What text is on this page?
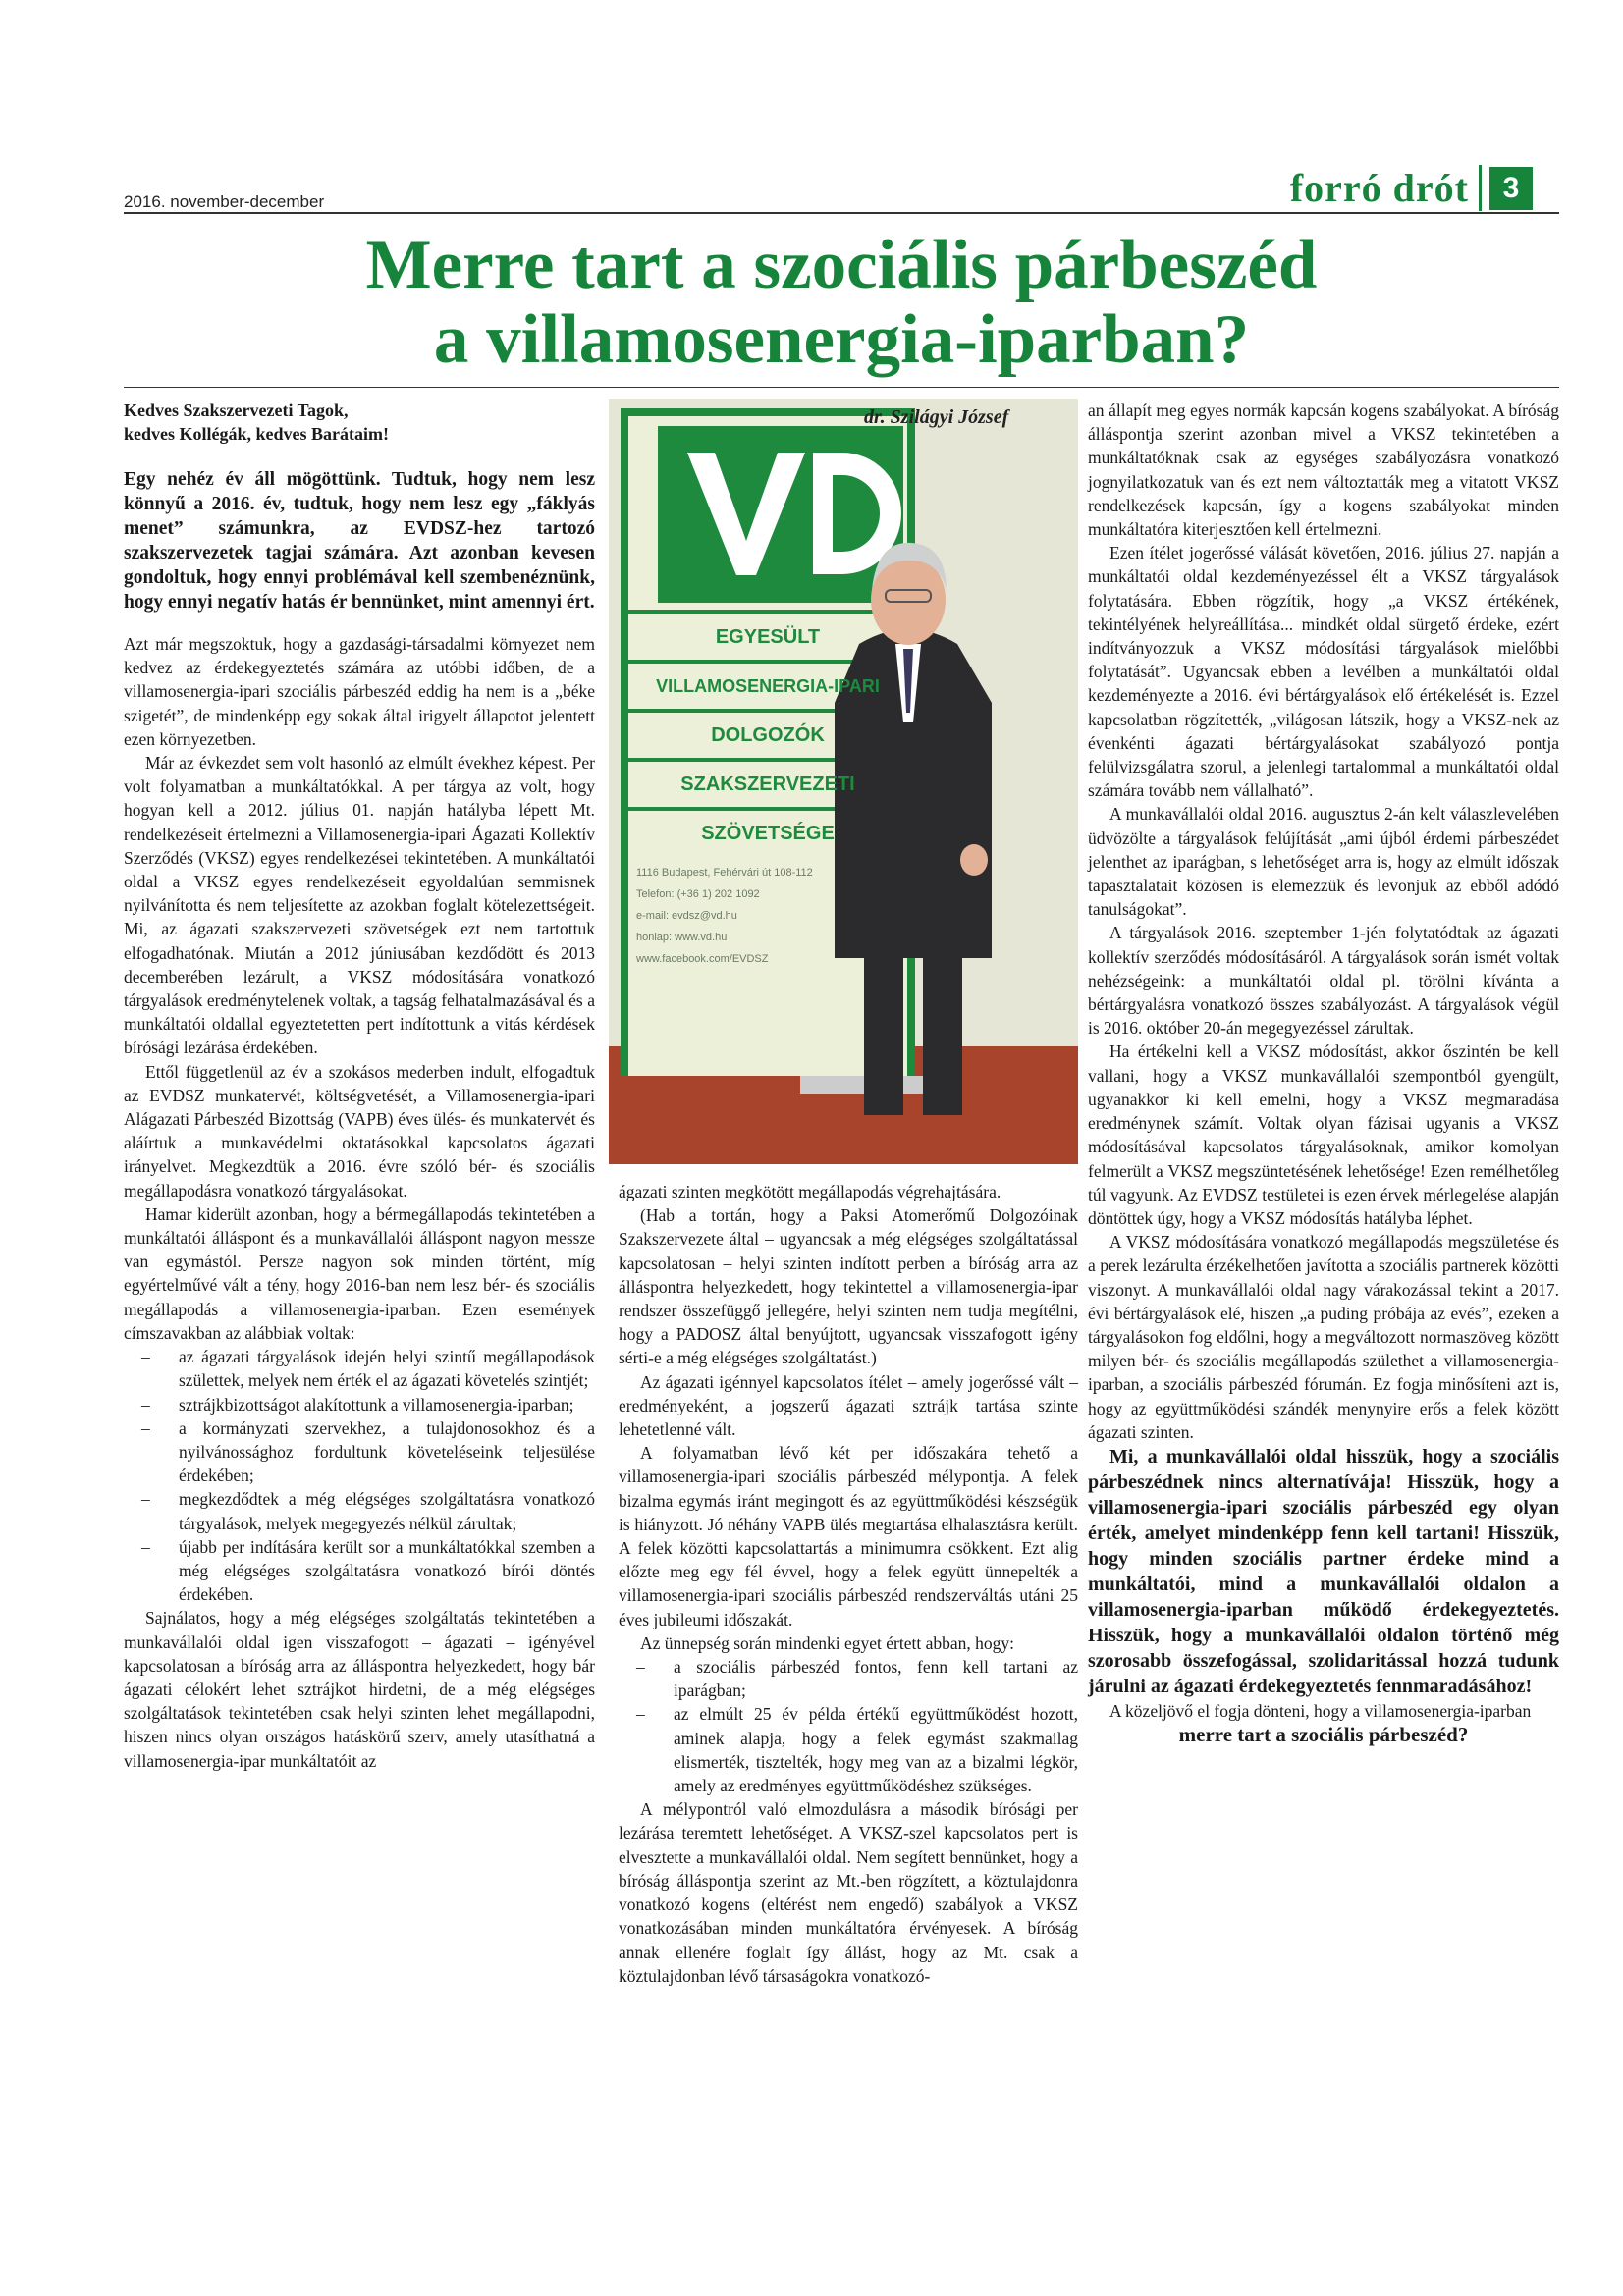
2016. november-december	forró drót	3
Merre tart a szociális párbeszéd
a villamosenergia-iparban?
Kedves Szakszervezeti Tagok,
kedves Kollégák, kedves Barátaim!
Egy nehéz év áll mögöttünk. Tudtuk, hogy nem lesz könnyű a 2016. év, tudtuk, hogy nem lesz egy „fáklyás menet” számunkra, az EVDSZ-hez tartozó szakszervezetek tagjai számára. Azt azonban kevesen gondoltuk, hogy ennyi problémával kell szembenéznünk, hogy ennyi negatív hatás ér bennünket, mint amennyi ért.

Azt már megszoktuk, hogy a gazdasági-társadalmi környezet nem kedvez az érdekegyeztetés számára az utóbbi időben, de a villamosenergia-ipari szociális párbeszéd eddig ha nem is a „béke szigetét”, de mindenképp egy sokak által irigyelt állapotot jelentett ezen környezetben.

Már az évkezdet sem volt hasonló az elmúlt évekhez képest. Per volt folyamatban a munkáltatókkal. A per tárgya az volt, hogy hogyan kell a 2012. július 01. napján hatályba lépett Mt. rendelkezéseit értelmezni a Villamosenergia-ipari Ágazati Kollektív Szerződés (VKSZ) egyes rendelkezései tekintetében. A munkáltatói oldal a VKSZ egyes rendelkezéseit egyoldalúan semmisnek nyilvánította és nem teljesítette az azokban foglalt kötelezettségeit. Mi, az ágazati szakszervezeti szövetségek ezt nem tartottuk elfogadhatónak. Miután a 2012 júniusában kezdődött és 2013 decemberében lezárult, a VKSZ módosítására vonatkozó tárgyalások eredménytelenek voltak, a tagság felhatalmazásával és a munkáltatói oldallal egyeztetetten pert indítottunk a vitás kérdések bírósági lezárása érdekében.

Ettől függetlenül az év a szokásos mederben indult, elfogadtuk az EVDSZ munkatervét, költségvetését, a Villamosenergia-ipari Alágazati Párbeszéd Bizottság (VAPB) éves ülés- és munkatervét és aláírtuk a munkavédelmi oktatásokkal kapcsolatos ágazati irányelvet. Megkezdtük a 2016. évre szóló bér- és szociális megállapodásra vonatkozó tárgyalásokat.

Hamar kiderült azonban, hogy a bérmegállapodás tekintetében a munkáltatói álláspont és a munkavállalói álláspont nagyon messze van egymástól. Persze nagyon sok minden történt, míg egyértelművé vált a tény, hogy 2016-ban nem lesz bér- és szociális megállapodás a villamosenergia-iparban. Ezen események címszavakban az alábbiak voltak:

– az ágazati tárgyalások idején helyi szintű megállapodások születtek, melyek nem érték el az ágazati követelés szintjét;
– sztrájkbizottságot alakítottunk a villamosenergia-iparban;
– a kormányzati szervekhez, a tulajdonosokhoz és a nyilvánossághoz fordultunk követeléseink teljesülése érdekében;
– megkezdődtek a még elégséges szolgáltatásra vonatkozó tárgyalások, melyek megegyezés nélkül zárultak;
– újabb per indítására került sor a munkáltatókkal szemben a még elégséges szolgáltatásra vonatkozó bírói döntés érdekében.

Sajnálatos, hogy a még elégséges szolgáltatás tekintetében a munkavállalói oldal igen visszafogott – ágazati – igényével kapcsolatosan a bíróság arra az álláspontra helyezkedett, hogy bár ágazati célokért lehet sztrájkot hirdetni, de a még elégséges szolgáltatások tekintetében csak helyi szinten lehet megállapodni, hiszen nincs olyan országos hatáskörű szerv, amely utasíthatná a villamosenergia-ipar munkáltatóit az

EGYESÜLT
VILLAMOSENERGIA-IPARI
DOLGOZÓK
SZAKSZERVEZETI
SZÖVETSÉGE
1116 Budapest, Fehérvári út 108-112
Telefon: (+36 1) 202 1092
e-mail: evdsz@vd.hu
honlap: www.vd.hu
www.facebook.com/EVDSZ
dr. Szilágyi József

ágazati szinten megkötött megállapodás végrehajtására.

(Hab a tortán, hogy a Paksi Atomerőmű Dolgozóinak Szakszervezete által – ugyancsak a még elégséges szolgáltatással kapcsolatosan – helyi szinten indított perben a bíróság arra az álláspontra helyezkedett, hogy tekintettel a villamosenergia-ipar rendszer összefüggő jellegére, helyi szinten nem tudja megítélni, hogy a PADOSZ által benyújtott, ugyancsak visszafogott igény sérti-e a még elégséges szolgáltatást.)

Az ágazati igénnyel kapcsolatos ítélet – amely jogerőssé vált – eredményeként, a jogszerű ágazati sztrájk tartása szinte lehetetlenné vált.

A folyamatban lévő két per időszakára tehető a villamosenergia-ipari szociális párbeszéd mélypontja. A felek bizalma egymás iránt megingott és az együttműködési készségük is hiányzott. Jó néhány VAPB ülés megtartása elhalasztásra került. A felek közötti kapcsolattartás a minimumra csökkent. Ezt alig előzte meg egy fél évvel, hogy a felek együtt ünnepelték a villamosenergia-ipari szociális párbeszéd rendszerváltás utáni 25 éves jubileumi időszakát.

Az ünnepség során mindenki egyet értett abban, hogy:

– a szociális párbeszéd fontos, fenn kell tartani az iparágban;
– az elmúlt 25 év példa értékű együttműködést hozott, aminek alapja, hogy a felek egymást szakmailag elismerték, tisztelték, hogy meg van az a bizalmi légkör, amely az eredményes együttműködéshez szükséges.

A mélypontról való elmozdulásra a második bírósági per lezárása teremtett lehetőséget. A VKSZ-szel kapcsolatos pert is elvesztette a munkavállalói oldal. Nem segített bennünket, hogy a bíróság álláspontja szerint az Mt.-ben rögzített, a köztulajdonra vonatkozó kogens (eltérést nem engedő) szabályok a VKSZ vonatkozásában minden munkáltatóra érvényesek. A bíróság annak ellenére foglalt így állást, hogy az Mt. csak a köztulajdonban lévő társaságokra vonatkozó-

an állapít meg egyes normák kapcsán kogens szabályokat. A bíróság álláspontja szerint azonban mivel a VKSZ tekintetében a munkáltatóknak csak az egységes szabályozásra vonatkozó jognyilatkozatuk van és ezt nem változtatták meg a vitatott VKSZ rendelkezések kapcsán, így a kogens szabályokat minden munkáltatóra kiterjesztően kell értelmezni.

Ezen ítélet jogerőssé válását követően, 2016. július 27. napján a munkáltatói oldal kezdeményezéssel élt a VKSZ tárgyalások folytatására. Ebben rögzítik, hogy „a VKSZ értékének, tekintélyének helyreállítása... mindkét oldal sürgető érdeke, ezért indítványozzuk a VKSZ módosítási tárgyalások mielőbbi folytatását”. Ugyancsak ebben a levélben a munkáltatói oldal kezdeményezte a 2016. évi bértárgyalások elő értékelését is. Ezzel kapcsolatban rögzítették, „világosan látszik, hogy a VKSZ-nek az évenkénti ágazati bértárgyalásokat szabályozó pontja felülvizsgálatra szorul, a jelenlegi tartalommal a munkáltatói oldal számára tovább nem vállalható”.

A munkavállalói oldal 2016. augusztus 2-án kelt válaszlevelében üdvözölte a tárgyalások felújítását „ami újból érdemi párbeszédet jelenthet az iparágban, s lehetőséget arra is, hogy az elmúlt időszak tapasztalatait közösen is elemezzük és levonjuk az ebből adódó tanulságokat”.

A tárgyalások 2016. szeptember 1-jén folytatódtak az ágazati kollektív szerződés módosításáról. A tárgyalások során ismét voltak nehézségeink: a munkáltatói oldal pl. törölni kívánta a bértárgyalásra vonatkozó összes szabályozást. A tárgyalások végül is 2016. október 20-án megegyezéssel zárultak.

Ha értékelni kell a VKSZ módosítást, akkor őszintén be kell vallani, hogy a VKSZ munkavállalói szempontból gyengült, ugyanakkor ki kell emelni, hogy a VKSZ megmaradása eredménynek számít. Voltak olyan fázisai ugyanis a VKSZ módosításával kapcsolatos tárgyalásoknak, amikor komolyan felmerült a VKSZ megszüntetésének lehetősége! Ezen remélhetőleg túl vagyunk. Az EVDSZ testületei is ezen érvek mérlegelése alapján döntöttek úgy, hogy a VKSZ módosítás hatályba léphet.

A VKSZ módosítására vonatkozó megállapodás megszületése és a perek lezárulta érzékelhetően javította a szociális partnerek közötti viszonyt. A munkavállalói oldal nagy várakozással tekint a 2017. évi bértárgyalások elé, hiszen „a puding próbája az evés”, ezeken a tárgyalásokon fog eldőlni, hogy a megváltozott normaszöveg között milyen bér- és szociális megállapodás születhet a villamosenergia-iparban, a szociális párbeszéd fórumán. Ez fogja minősíteni azt is, hogy az együttműködési szándék menynyire erős a felek között ágazati szinten.

Mi, a munkavállalói oldal hisszük, hogy a szociális párbeszédnek nincs alternatívája! Hisszük, hogy a villamosenergia-ipari szociális párbeszéd egy olyan érték, amelyet mindenképp fenn kell tartani! Hisszük, hogy minden szociális partner érdeke mind a munkáltatói, mind a munkavállalói oldalon a villamosenergia-iparban működő érdekegyeztetés. Hisszük, hogy a munkavállalói oldalon történő még szorosabb összefogással, szolidaritással hozzá tudunk járulni az ágazati érdekegyeztetés fennmaradásához!

A közeljövő el fogja dönteni, hogy a villamosenergia-iparban

merre tart a szociális párbeszéd?
